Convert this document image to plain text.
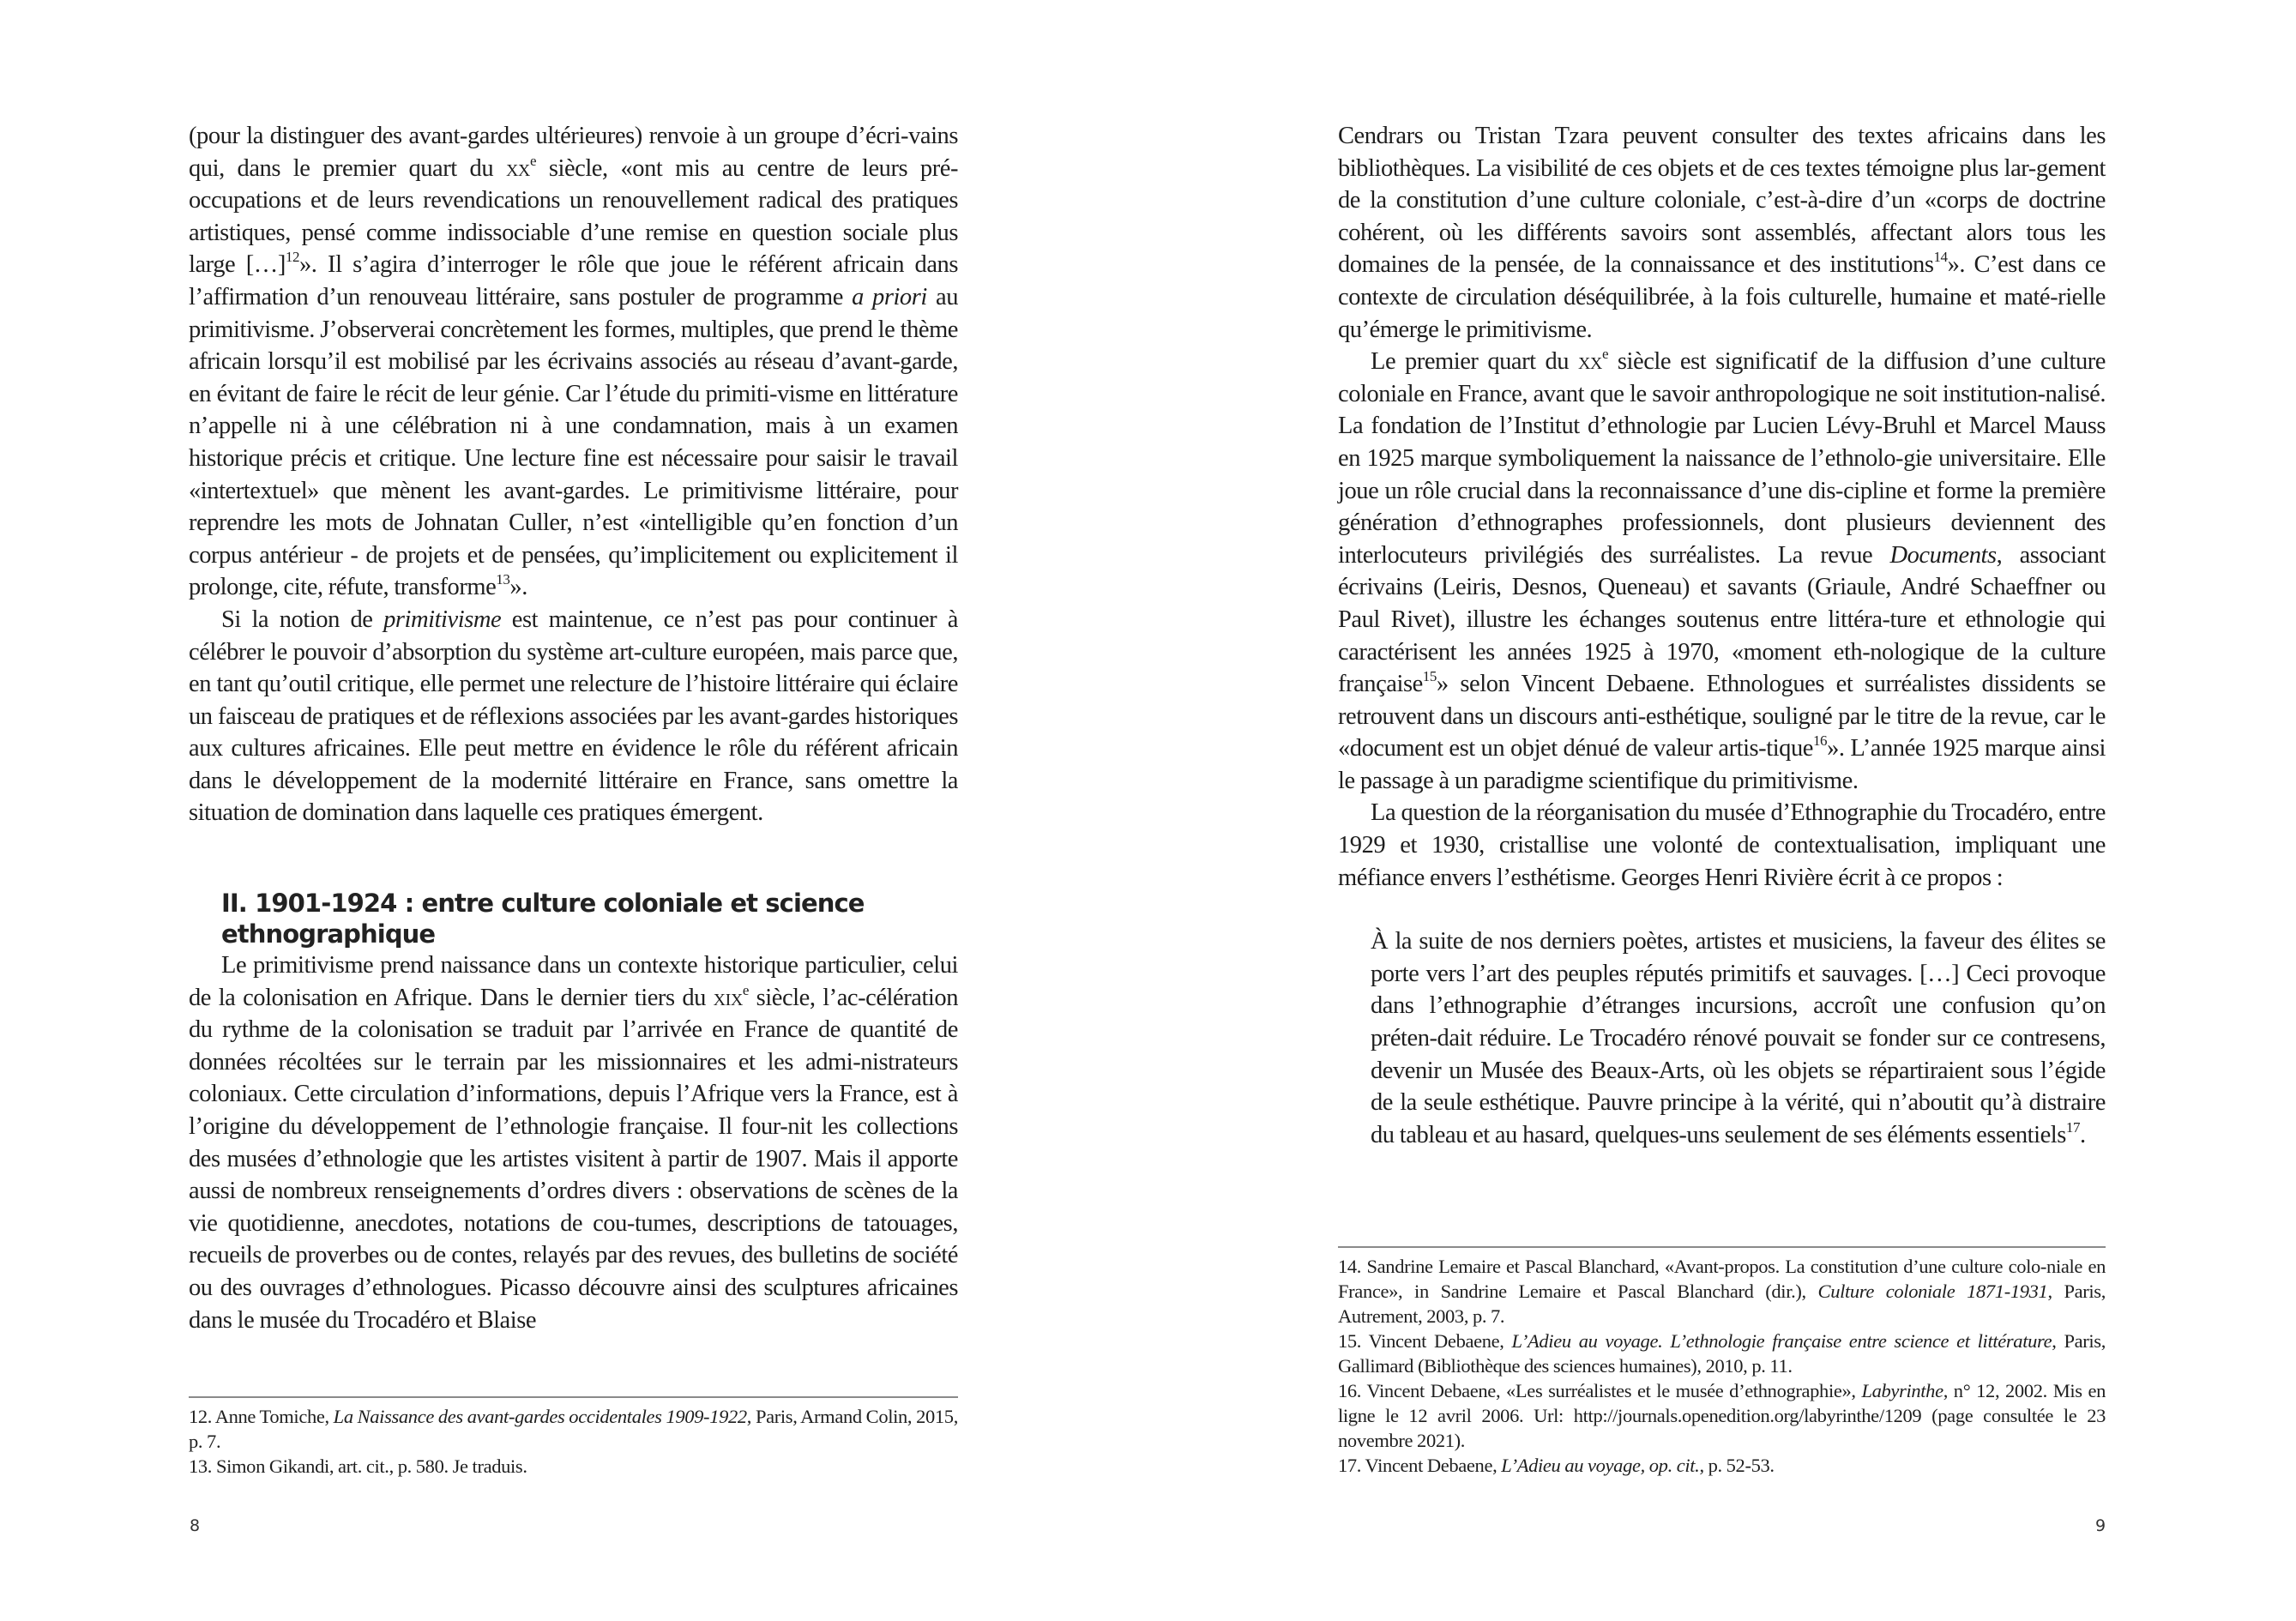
(pour la distinguer des avant-gardes ultérieures) renvoie à un groupe d’écri-vains qui, dans le premier quart du $xx^e$ siècle, «ont mis au centre de leurs pré-occupations et de leurs revendications un renouvellement radical des pratiques artistiques, pensé comme indissociable d’une remise en question sociale plus large […]$^{12}$». Il s’agira d’interroger le rôle que joue le référent africain dans l’affirmation d’un renouveau littéraire, sans postuler de programme a priori au primitivisme. J’observerai concrètement les formes, multiples, que prend le thème africain lorsqu’il est mobilisé par les écrivains associés au réseau d’avant-garde, en évitant de faire le récit de leur génie. Car l’étude du primiti-visme en littérature n’appelle ni à une célébration ni à une condamnation, mais à un examen historique précis et critique. Une lecture fine est nécessaire pour saisir le travail «intertextuel» que mènent les avant-gardes. Le primitivisme littéraire, pour reprendre les mots de Johnatan Culler, n’est «intelligible qu’en fonction d’un corpus antérieur - de projets et de pensées, qu’implicitement ou explicitement il prolonge, cite, réfute, transforme$^{13}$».

Si la notion de primitivisme est maintenue, ce n’est pas pour continuer à célébrer le pouvoir d’absorption du système art-culture européen, mais parce que, en tant qu’outil critique, elle permet une relecture de l’histoire littéraire qui éclaire un faisceau de pratiques et de réflexions associées par les avant-gardes historiques aux cultures africaines. Elle peut mettre en évidence le rôle du référent africain dans le développement de la modernité littéraire en France, sans omettre la situation de domination dans laquelle ces pratiques émergent.

II. 1901-1924 : entre culture coloniale et science
ethnographique

Le primitivisme prend naissance dans un contexte historique particulier, celui de la colonisation en Afrique. Dans le dernier tiers du xix$^e$ siècle, l’ac-célération du rythme de la colonisation se traduit par l’arrivée en France de quantité de données récoltées sur le terrain par les missionnaires et les admi-nistrateurs coloniaux. Cette circulation d’informations, depuis l’Afrique vers la France, est à l’origine du développement de l’ethnologie française. Il four-nit les collections des musées d’ethnologie que les artistes visitent à partir de 1907. Mais il apporte aussi de nombreux renseignements d’ordres divers : observations de scènes de la vie quotidienne, anecdotes, notations de cou-tumes, descriptions de tatouages, recueils de proverbes ou de contes, relayés par des revues, des bulletins de société ou des ouvrages d’ethnologues. Picasso découvre ainsi des sculptures africaines dans le musée du Trocadéro et Blaise

12. Anne Tomiche, La Naissance des avant-gardes occidentales 1909-1922, Paris, Armand Colin, 2015, p. 7.

13. Simon Gikandi, art. cit., p. 580. Je traduis.

8

Cendrars ou Tristan Tzara peuvent consulter des textes africains dans les bibliothèques. La visibilité de ces objets et de ces textes témoigne plus lar-gement de la constitution d’une culture coloniale, c’est-à-dire d’un «corps de doctrine cohérent, où les différents savoirs sont assemblés, affectant alors tous les domaines de la pensée, de la connaissance et des institutions$^{14}$». C’est dans ce contexte de circulation déséquilibrée, à la fois culturelle, humaine et maté-rielle qu’émerge le primitivisme.

Le premier quart du $xx^e$ siècle est significatif de la diffusion d’une culture coloniale en France, avant que le savoir anthropologique ne soit institution-nalisé. La fondation de l’Institut d’ethnologie par Lucien Lévy-Bruhl et Marcel Mauss en 1925 marque symboliquement la naissance de l’ethnolo-gie universitaire. Elle joue un rôle crucial dans la reconnaissance d’une dis-cipline et forme la première génération d’ethnographes professionnels, dont plusieurs deviennent des interlocuteurs privilégiés des surréalistes. La revue Documents, associant écrivains (Leiris, Desnos, Queneau) et savants (Griaule, André Schaeffner ou Paul Rivet), illustre les échanges soutenus entre littéra-ture et ethnologie qui caractérisent les années 1925 à 1970, «moment eth-nologique de la culture française$^{15}$» selon Vincent Debaene. Ethnologues et surréalistes dissidents se retrouvent dans un discours anti-esthétique, souligné par le titre de la revue, car le «document est un objet dénué de valeur artis-tique$^{16}$». L’année 1925 marque ainsi le passage à un paradigme scientifique du primitivisme.

La question de la réorganisation du musée d’Ethnographie du Trocadéro, entre 1929 et 1930, cristallise une volonté de contextualisation, impliquant une méfiance envers l’esthétisme. Georges Henri Rivière écrit à ce propos :

À la suite de nos derniers poètes, artistes et musiciens, la faveur des élites se porte vers l’art des peuples réputés primitifs et sauvages. […] Ceci provoque dans l’ethnographie d’étranges incursions, accroît une confusion qu’on préten-dait réduire. Le Trocadéro rénové pouvait se fonder sur ce contresens, devenir un Musée des Beaux-Arts, où les objets se répartiraient sous l’égide de la seule esthétique. Pauvre principe à la vérité, qui n’aboutit qu’à distraire du tableau et au hasard, quelques-uns seulement de ses éléments essentiels$^{17}$.

14. Sandrine Lemaire et Pascal Blanchard, «Avant-propos. La constitution d’une culture colo-niale en France», in Sandrine Lemaire et Pascal Blanchard (dir.), Culture coloniale 1871-1931, Paris, Autrement, 2003, p. 7.

15. Vincent Debaene, L’Adieu au voyage. L’ethnologie française entre science et littérature, Paris, Gallimard (Bibliothèque des sciences humaines), 2010, p. 11.

16. Vincent Debaene, «Les surréalistes et le musée d’ethnographie», Labyrinthe, n° 12, 2002. Mis en ligne le 12 avril 2006. Url: http://journals.openedition.org/labyrinthe/1209 (page consultée le 23 novembre 2021).

17. Vincent Debaene, L’Adieu au voyage, op. cit., p. 52-53.

9
